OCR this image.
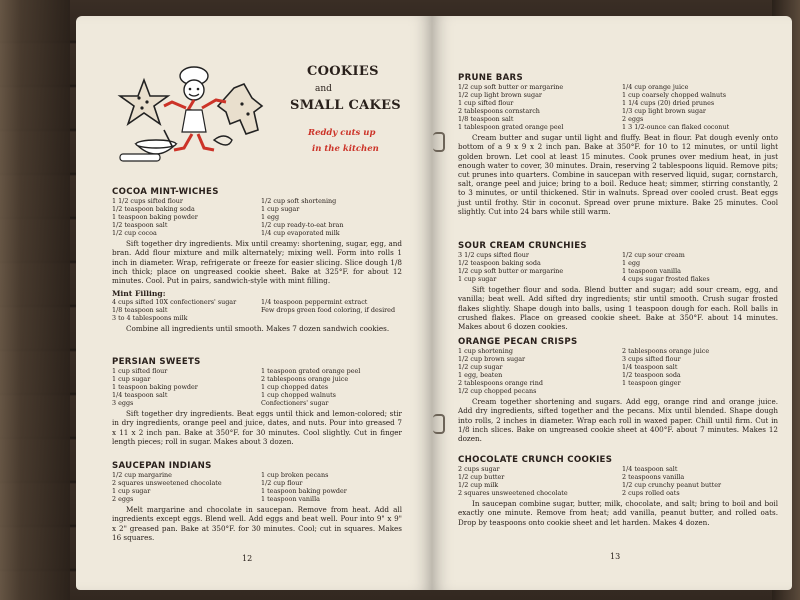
COOKIES
and
SMALL CAKES
Reddy cuts up
in the kitchen
COCOA MINT-WICHES
1 1/2 cups sifted flour	1/2 cup soft shortening
1/2 teaspoon baking soda	1 cup sugar
1 teaspoon baking powder	1 egg
1/2 teaspoon salt	1/2 cup ready-to-eat bran
1/2 cup cocoa	1/4 cup evaporated milk

Sift together dry ingredients. Mix until creamy: shortening, sugar, egg, and bran. Add flour mixture and milk alternately; mixing well. Form into rolls 1 inch in diameter. Wrap, refrigerate or freeze for easier slicing. Slice dough 1/8 inch thick; place on ungreased cookie sheet. Bake at 325°F. for about 12 minutes. Cool. Put in pairs, sandwich-style with mint filling.

Mint Filling:
4 cups sifted 10X confectioners' sugar	1/4 teaspoon peppermint extract
1/8 teaspoon salt	Few drops green food coloring, if desired
3 to 4 tablespoons milk

Combine all ingredients until smooth. Makes 7 dozen sandwich cookies.

PERSIAN SWEETS
1 cup sifted flour	1 teaspoon grated orange peel
1 cup sugar	2 tablespoons orange juice
1 teaspoon baking powder	1 cup chopped dates
1/4 teaspoon salt	1 cup chopped walnuts
3 eggs	Confectioners' sugar

Sift together dry ingredients. Beat eggs until thick and lemon-colored; stir in dry ingredients, orange peel and juice, dates, and nuts. Pour into greased 7 x 11 x 2 inch pan. Bake at 350°F. for 30 minutes. Cool slightly. Cut in finger length pieces; roll in sugar. Makes about 3 dozen.

SAUCEPAN INDIANS
1/2 cup margarine	1 cup broken pecans
2 squares unsweetened chocolate	1/2 cup flour
1 cup sugar	1 teaspoon baking powder
2 eggs	1 teaspoon vanilla

Melt margarine and chocolate in saucepan. Remove from heat. Add all ingredients except eggs. Blend well. Add eggs and beat well. Pour into 9" x 9" x 2" greased pan. Bake at 350°F. for 30 minutes. Cool; cut in squares. Makes 16 squares.

12
PRUNE BARS
1/2 cup soft butter or margarine	1/4 cup orange juice
1/2 cup light brown sugar	1 cup coarsely chopped walnuts
1 cup sifted flour	1 1/4 cups (20) dried prunes
2 tablespoons cornstarch	1/3 cup light brown sugar
1/8 teaspoon salt	2 eggs
1 tablespoon grated orange peel	1 3 1/2-ounce can flaked coconut

Cream butter and sugar until light and fluffy. Beat in flour. Pat dough evenly onto bottom of a 9 x 9 x 2 inch pan. Bake at 350°F. for 10 to 12 minutes, or until light golden brown. Let cool at least 15 minutes. Cook prunes over medium heat, in just enough water to cover, 30 minutes. Drain, reserving 2 tablespoons liquid. Remove pits; cut prunes into quarters. Combine in saucepan with reserved liquid, sugar, cornstarch, salt, orange peel and juice; bring to a boil. Reduce heat; simmer, stirring constantly, 2 to 3 minutes, or until thickened. Stir in walnuts. Spread over cooled crust. Beat eggs just until frothy. Stir in coconut. Spread over prune mixture. Bake 25 minutes. Cool slightly. Cut into 24 bars while still warm.

SOUR CREAM CRUNCHIES
3 1/2 cups sifted flour	1/2 cup sour cream
1/2 teaspoon baking soda	1 egg
1/2 cup soft butter or margarine	1 teaspoon vanilla
1 cup sugar	4 cups sugar frosted flakes

Sift together flour and soda. Blend butter and sugar; add sour cream, egg, and vanilla; beat well. Add sifted dry ingredients; stir until smooth. Crush sugar frosted flakes slightly. Shape dough into balls, using 1 teaspoon dough for each. Roll balls in crushed flakes. Place on greased cookie sheet. Bake at 350°F. about 14 minutes. Makes about 6 dozen cookies.

ORANGE PECAN CRISPS
1 cup shortening	2 tablespoons orange juice
1/2 cup brown sugar	3 cups sifted flour
1/2 cup sugar	1/4 teaspoon salt
1 egg, beaten	1/2 teaspoon soda
2 tablespoons orange rind	1 teaspoon ginger
1/2 cup chopped pecans

Cream together shortening and sugars. Add egg, orange rind and orange juice. Add dry ingredients, sifted together and the pecans. Mix until blended. Shape dough into rolls, 2 inches in diameter. Wrap each roll in waxed paper. Chill until firm. Cut in 1/8 inch slices. Bake on ungreased cookie sheet at 400°F. about 7 minutes. Makes 12 dozen.

CHOCOLATE CRUNCH COOKIES
2 cups sugar	1/4 teaspoon salt
1/2 cup butter	2 teaspoons vanilla
1/2 cup milk	1/2 cup crunchy peanut butter
2 squares unsweetened chocolate	2 cups rolled oats

In saucepan combine sugar, butter, milk, chocolate, and salt; bring to boil and boil exactly one minute. Remove from heat; add vanilla, peanut butter, and rolled oats. Drop by teaspoons onto cookie sheet and let harden. Makes 4 dozen.

13
